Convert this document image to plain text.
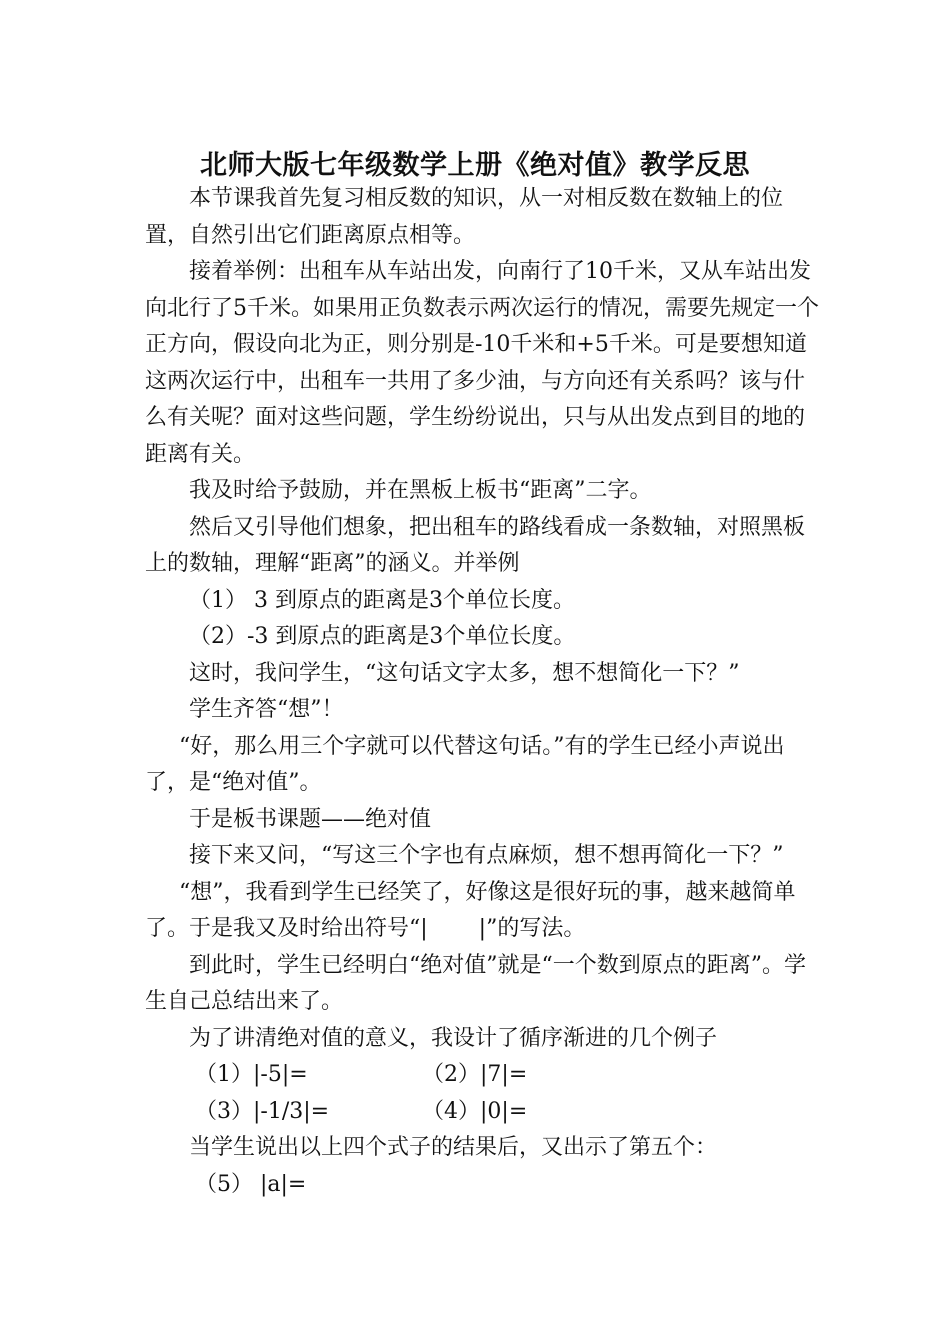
北师大版七年级数学上册《绝对值》教学反思

本节课我首先复习相反数的知识，从一对相反数在数轴上的位置，自然引出它们距离原点相等。

接着举例：出租车从车站出发，向南行了10千米，又从车站出发向北行了5千米。如果用正负数表示两次运行的情况，需要先规定一个正方向，假设向北为正，则分别是-10千米和+5千米。可是要想知道这两次运行中，出租车一共用了多少油，与方向还有关系吗？该与什么有关呢？面对这些问题，学生纷纷说出，只与从出发点到目的地的距离有关。

我及时给予鼓励，并在黑板上板书“距离”二字。

然后又引导他们想象，把出租车的路线看成一条数轴，对照黑板上的数轴，理解“距离”的涵义。并举例

（1） 3 到原点的距离是3个单位长度。

（2）-3 到原点的距离是3个单位长度。

这时，我问学生，“这句话文字太多，想不想简化一下？”

学生齐答“想”！

“好，那么用三个字就可以代替这句话。”有的学生已经小声说出了，是“绝对值”。

于是板书课题——绝对值

接下来又问，“写这三个字也有点麻烦，想不想再简化一下？”

“想”，我看到学生已经笑了，好像这是很好玩的事，越来越简单了。于是我又及时给出符号“|　　 |”的写法。

到此时，学生已经明白“绝对值”就是“一个数到原点的距离”。学生自己总结出来了。

为了讲清绝对值的意义，我设计了循序渐进的几个例子

（1）|-5|=	（2）|7|=

（3）|-1/3|=	（4）|0|=

当学生说出以上四个式子的结果后，又出示了第五个：

（5） |a|=
